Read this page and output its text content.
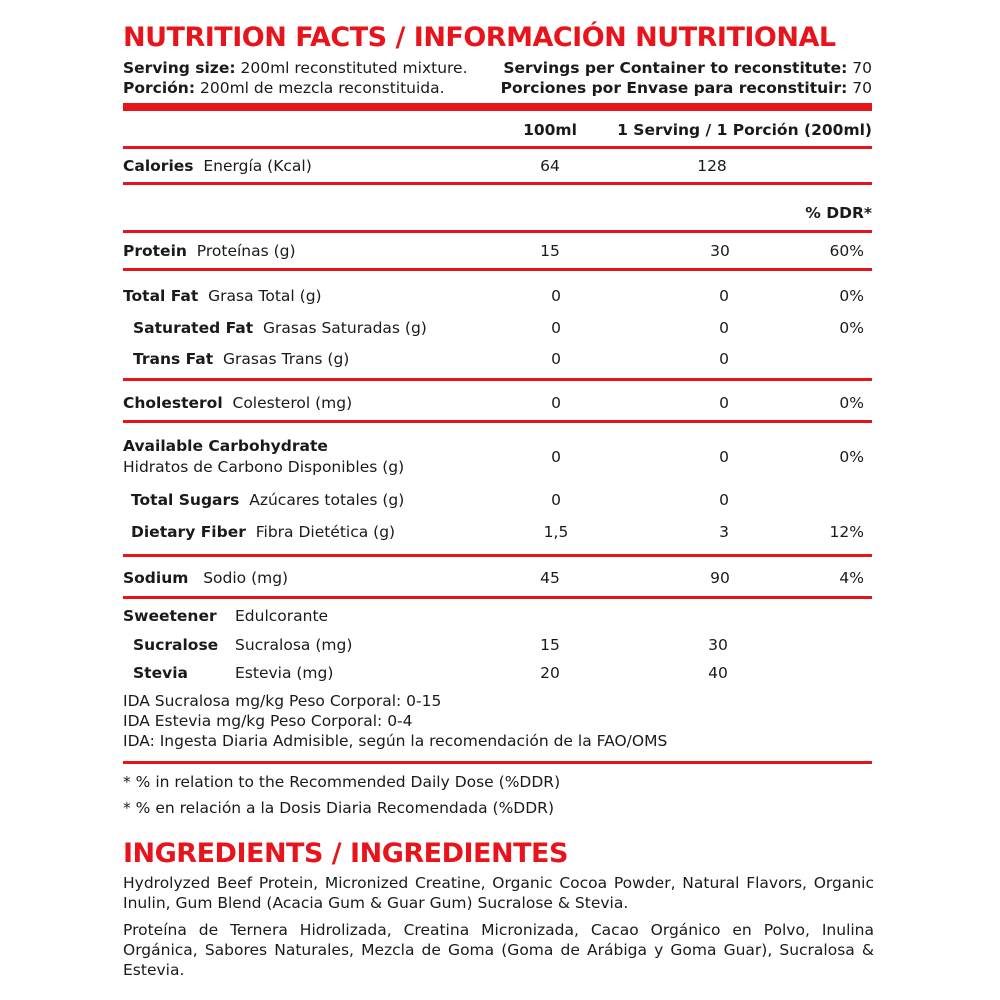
NUTRITION FACTS / INFORMACIÓN NUTRITIONAL
Serving size: 200ml reconstituted mixture. Servings per Container to reconstitute: 70
Porción: 200ml de mezcla reconstituida.	Porciones por Envase para reconstituir: 70
100ml	1 Serving / 1 Porción (200ml)
Calories Energía (Kcal)	64	128
% DDR*
Protein Proteínas (g)	15	30	60%
Total Fat Grasa Total (g)	0	0	0%
Saturated Fat Grasas Saturadas (g)	0	0	0%
Trans Fat Grasas Trans (g)	0	0
Cholesterol Colesterol (mg)	0	0	0%
Available Carbohydrate
Hidratos de Carbono Disponibles (g)
0	0	0%
Total Sugars Azúcares totales (g)	0	0
Dietary Fiber Fibra Dietética (g)	1,5	3	12%
Sodium Sodio (mg)	45	90	4%
Sweetener Edulcorante
Sucralose Sucralosa (mg)	15	30
Stevia	Estevia (mg)	20	40
IDA Sucralosa mg/kg Peso Corporal: 0-15
IDA Estevia mg/kg Peso Corporal: 0-4
IDA: Ingesta Diaria Admisible, según la recomendación de la FAO/OMS
* % in relation to the Recommended Daily Dose (%DDR)
* % en relación a la Dosis Diaria Recomendada (%DDR)
INGREDIENTS / INGREDIENTES
Hydrolyzed Beef Protein, Micronized Creatine, Organic Cocoa Powder, Natural Flavors, Organic Inulin, Gum Blend (Acacia Gum & Guar Gum) Sucralose & Stevia.
Proteína de Ternera Hidrolizada, Creatina Micronizada, Cacao Orgánico en Polvo, Inulina Orgánica, Sabores Naturales, Mezcla de Goma (Goma de Arábiga y Goma Guar), Sucralosa & Estevia.
